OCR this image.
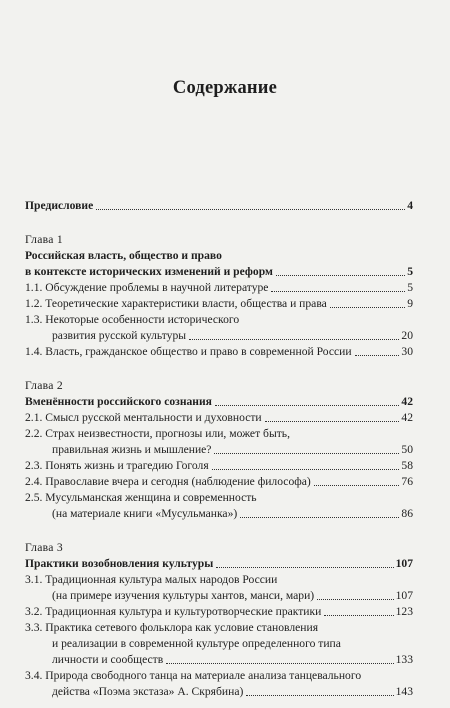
Содержание
Предисловие	4
Глава 1
Российская власть, общество и право
в контексте исторических изменений и реформ	5
1.1. Обсуждение проблемы в научной литературе	5
1.2. Теоретические характеристики власти, общества и права	9
1.3. Некоторые особенности исторического
развития русской культуры	20
1.4. Власть, гражданское общество и право в современной России	30
Глава 2
Вменённости российского сознания	42
2.1. Смысл русской ментальности и духовности	42
2.2. Страх неизвестности, прогнозы или, может быть,
правильная жизнь и мышление?	50
2.3. Понять жизнь и трагедию Гоголя	58
2.4. Православие вчера и сегодня (наблюдение философа)	76
2.5. Мусульманская женщина и современность
(на материале книги «Мусульманка»)	86
Глава 3
Практики возобновления культуры	107
3.1. Традиционная культура малых народов России
(на примере изучения культуры хантов, манси, мари)	107
3.2. Традиционная культура и культуротворческие практики	123
3.3. Практика сетевого фольклора как условие становления
и реализации в современной культуре определенного типа
личности и сообществ	133
3.4. Природа свободного танца на материале анализа танцевального
действа «Поэма экстаза» А. Скрябина)	143
